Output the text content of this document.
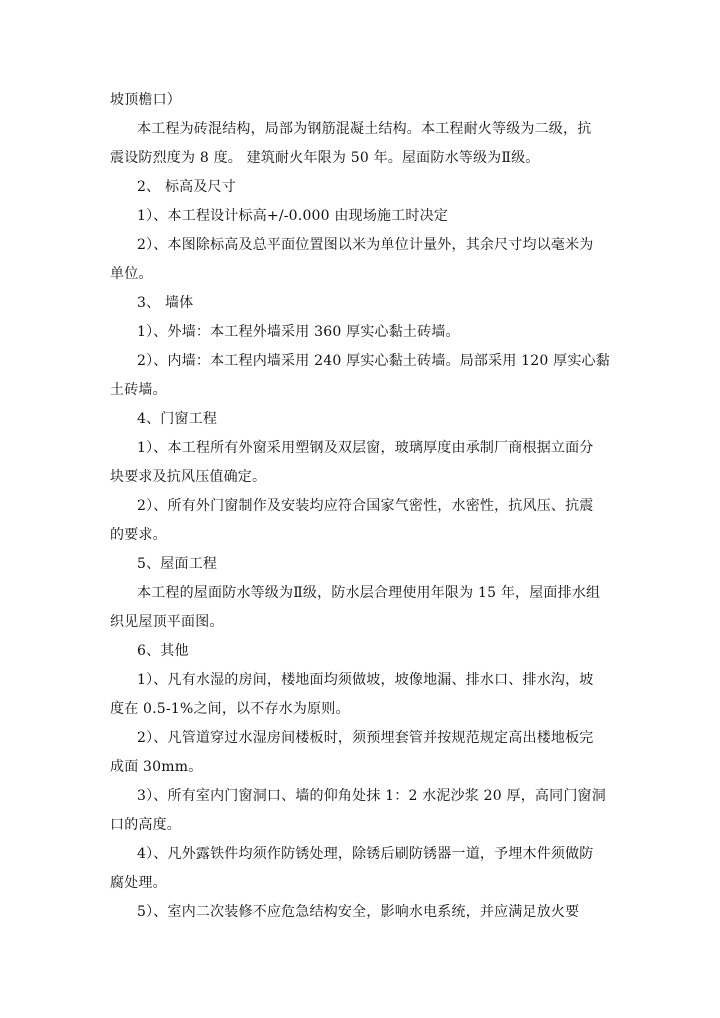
坡顶檐口）
本工程为砖混结构，局部为钢筋混凝土结构。本工程耐火等级为二级，抗
震设防烈度为 8 度。 建筑耐火年限为 50 年。屋面防水等级为Ⅱ级。
2、 标高及尺寸
1）、本工程设计标高+/-0.000 由现场施工时决定
2）、本图除标高及总平面位置图以米为单位计量外，其余尺寸均以毫米为
单位。
3、 墙体
1）、外墙：本工程外墙采用 360 厚实心黏土砖墙。
2）、内墙：本工程内墙采用 240 厚实心黏土砖墙。局部采用 120 厚实心黏
土砖墙。
4、门窗工程
1）、本工程所有外窗采用塑钢及双层窗，玻璃厚度由承制厂商根据立面分
块要求及抗风压值确定。
2）、所有外门窗制作及安装均应符合国家气密性，水密性，抗风压、抗震
的要求。
5、屋面工程
本工程的屋面防水等级为Ⅱ级，防水层合理使用年限为 15 年，屋面排水组
织见屋顶平面图。
6、其他
1）、凡有水湿的房间，楼地面均须做坡，坡像地漏、排水口、排水沟，坡
度在 0.5-1%之间，以不存水为原则。
2）、凡管道穿过水湿房间楼板时，须预埋套管并按规范规定高出楼地板完
成面 30mm。
3）、所有室内门窗洞口、墙的仰角处抹 1：2 水泥沙浆 20 厚，高同门窗洞
口的高度。
4）、凡外露铁件均须作防锈处理，除锈后刷防锈器一道，予埋木件须做防
腐处理。
5）、室内二次装修不应危急结构安全，影响水电系统，并应满足放火要
